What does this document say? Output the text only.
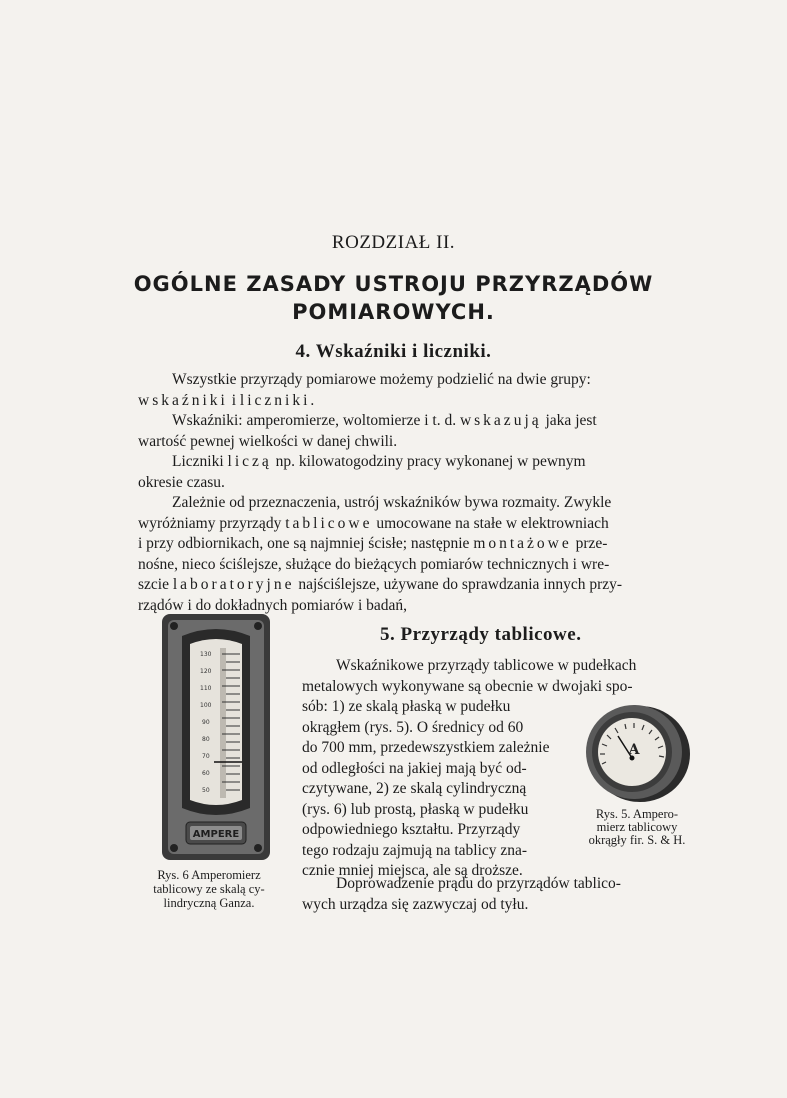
ROZDZIAŁ II.
OGÓLNE ZASADY USTROJU PRZYRZĄDÓW
POMIAROWYCH.
4. Wskaźniki i liczniki.
Wszystkie przyrządy pomiarowe możemy podzielić na dwie grupy:
wskaźniki i liczniki.
Wskaźniki: amperomierze, woltomierze i t. d. wskazują jaka jest
wartość pewnej wielkości w danej chwili.
Liczniki liczą np. kilowatogodziny pracy wykonanej w pewnym
okresie czasu.
Zależnie od przeznaczenia, ustrój wskaźników bywa rozmaity. Zwykle
wyróżniamy przyrządy tablicowe umocowane na stałe w elektrowniach
i przy odbiornikach, one są najmniej ścisłe; następnie montażowe prze-
nośne, nieco ściślejsze, służące do bieżących pomiarów technicznych i wre-
szcie laboratoryjne najściślejsze, używane do sprawdzania innych przy-
rządów i do dokładnych pomiarów i badań,
130
120
110
100
90
80
70
60
50
AMPERE
Rys. 6 Amperomierz
tablicowy ze skalą cy-
lindryczną Ganza.
5. Przyrządy tablicowe.
Wskaźnikowe przyrządy tablicowe w pudełkach
metalowych wykonywane są obecnie w dwojaki spo-
sób: 1) ze skalą płaską w pudełku
okrągłem (rys. 5). O średnicy od 60
do 700 mm, przedewszystkiem zależnie
od odległości na jakiej mają być od-
czytywane, 2) ze skalą cylindryczną
(rys. 6) lub prostą, płaską w pudełku
odpowiedniego kształtu. Przyrządy
tego rodzaju zajmują na tablicy zna-
cznie mniej miejsca, ale są droższe.
Doprowadzenie prądu do przyrządów tablico-
wych urządza się zazwyczaj od tyłu.
A
Rys. 5. Ampero-
mierz tablicowy
okrągły fir. S. & H.
